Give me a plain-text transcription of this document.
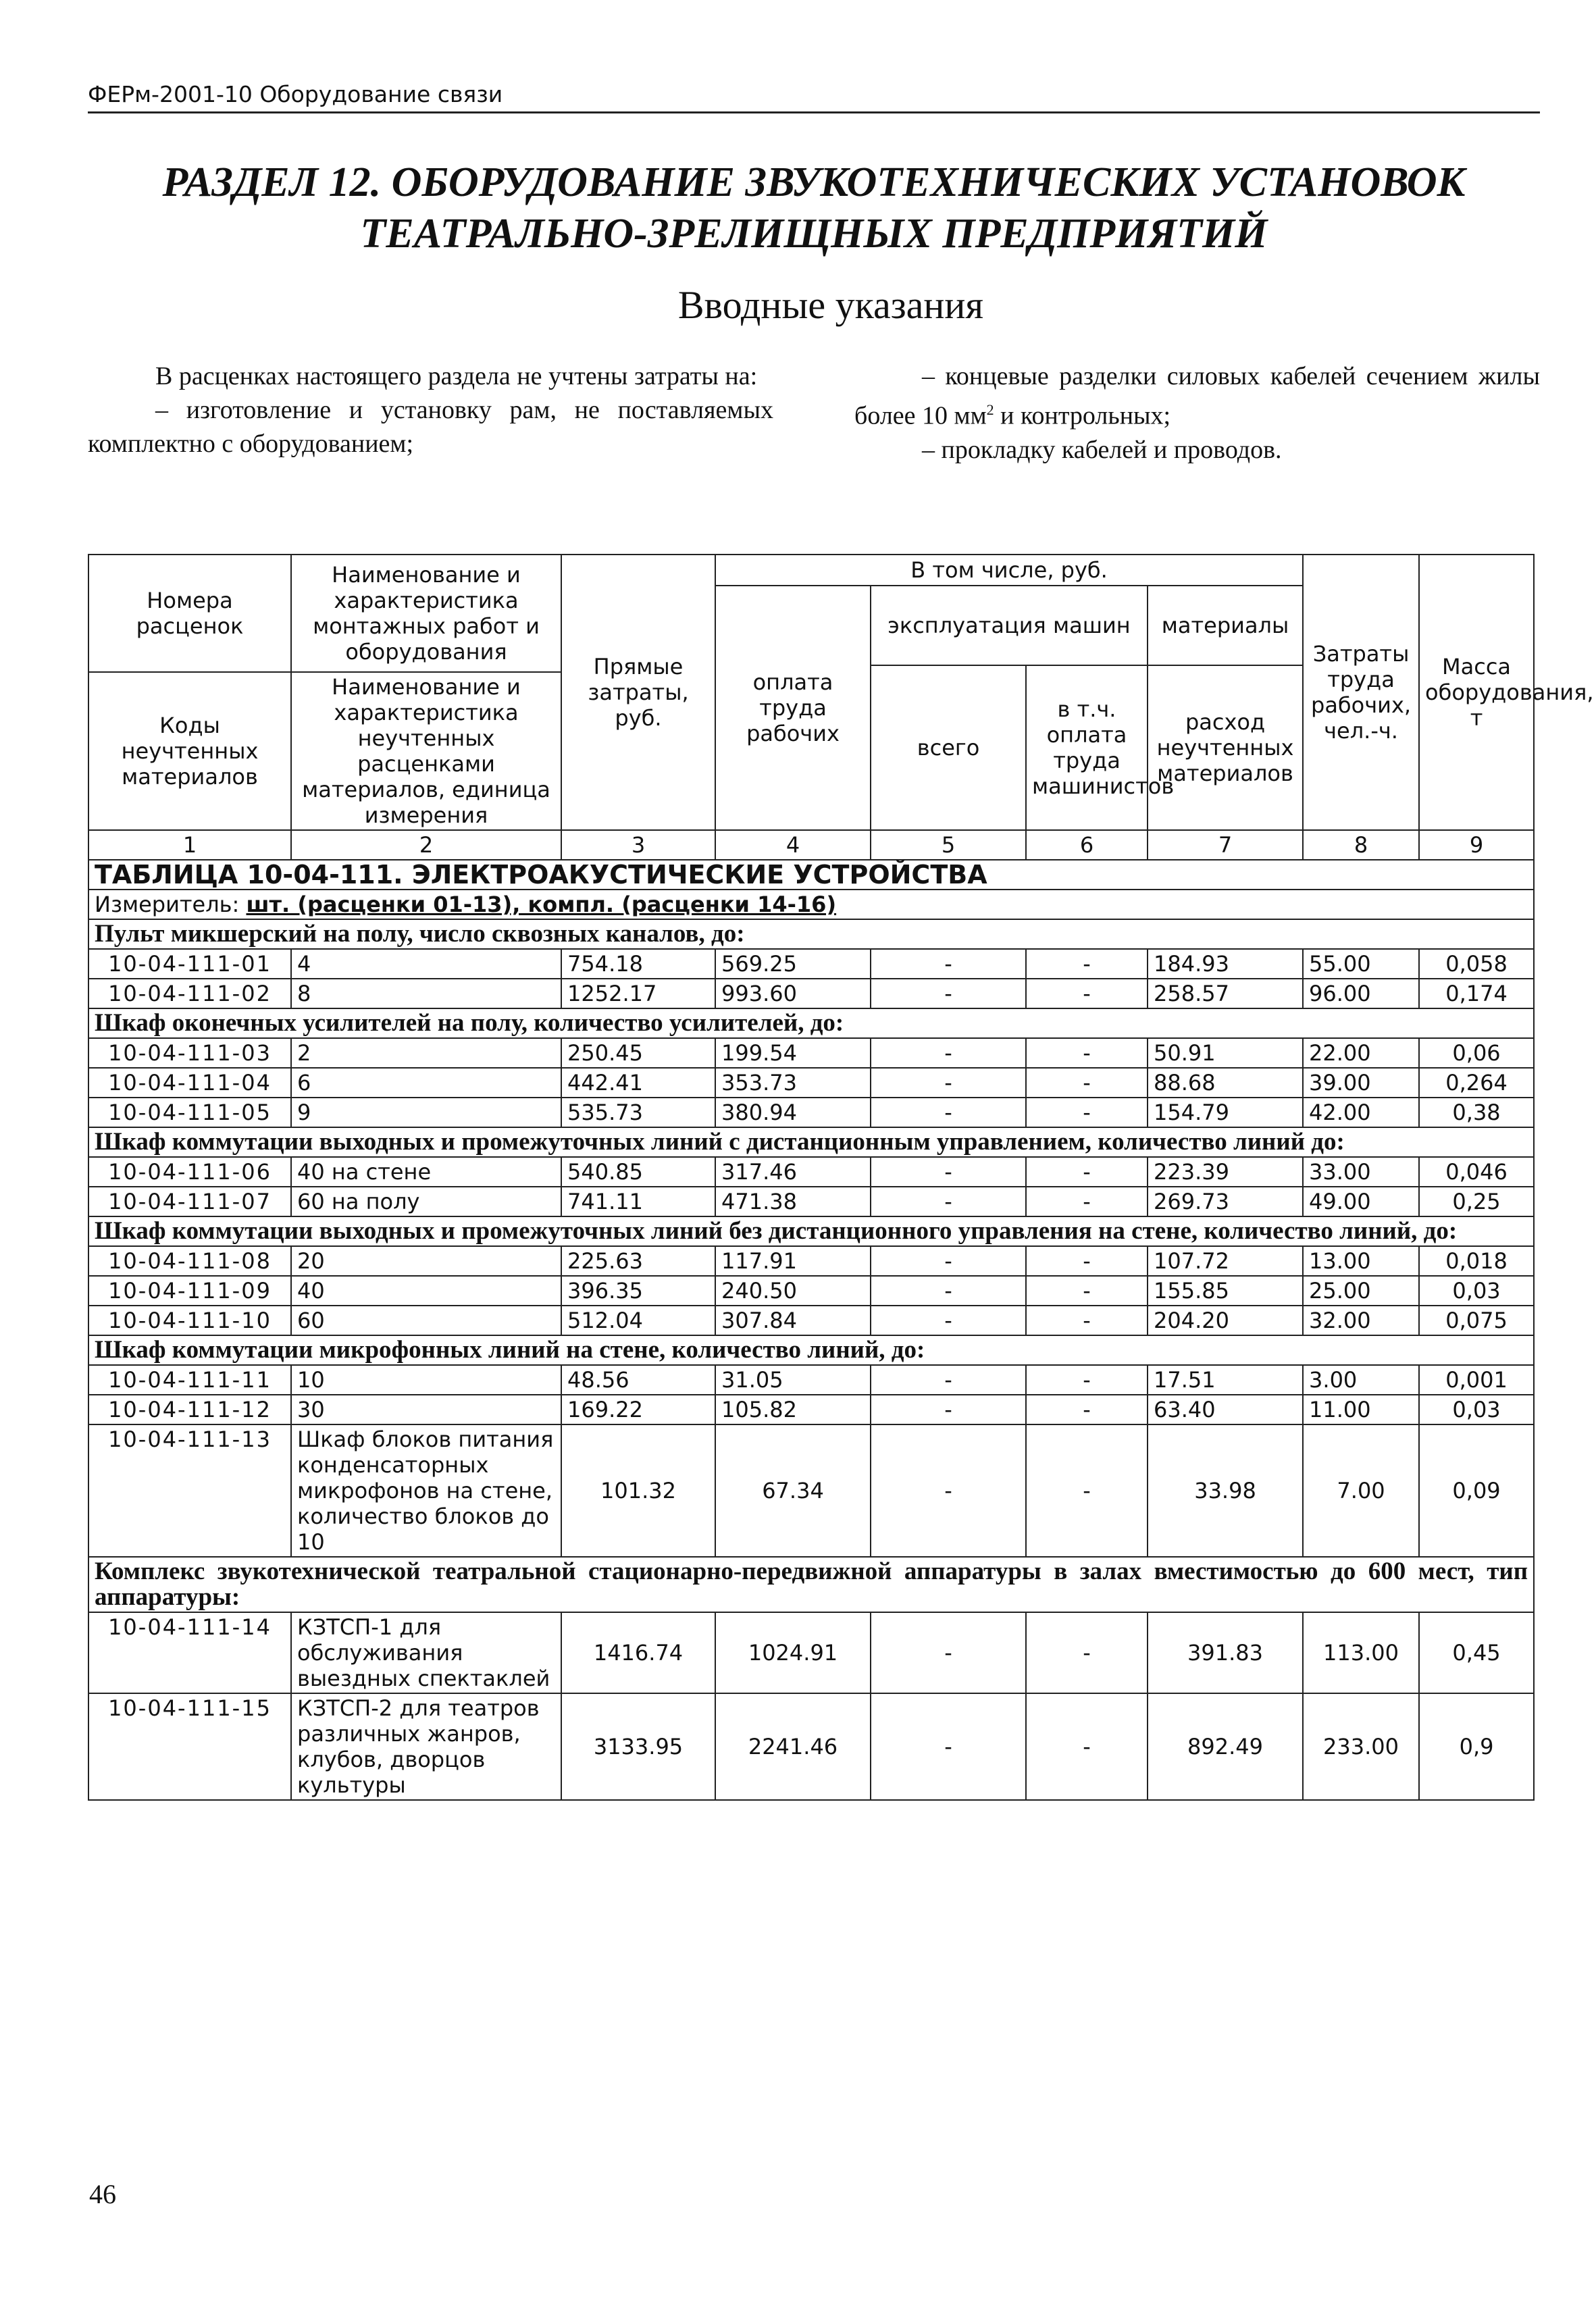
ФЕРм-2001-10 Оборудование связи
РАЗДЕЛ 12. ОБОРУДОВАНИЕ ЗВУКОТЕХНИЧЕСКИХ УСТАНОВОК
ТЕАТРАЛЬНО-ЗРЕЛИЩНЫХ ПРЕДПРИЯТИЙ
Вводные указания

В расценках настоящего раздела не учтены затраты на:

– изготовление и установку рам, не поставляемых комплектно с оборудованием;

– концевые разделки силовых кабелей сечением жилы более 10 $мм^2$ и контрольных;

– прокладку кабелей и проводов.

Номера расценок	Наименование и характеристика монтажных работ и оборудования	Прямые затраты, руб.	В том числе, руб.				Затраты труда рабочих, чел.-ч.	Масса оборудования, т
			оплата труда рабочих	эксплуатация машин		материалы		
				всего	в т.ч. оплата труда машинистов	расход неучтенных материалов		
Коды неучтенных материалов	Наименование и характеристика неучтенных расценками материалов, единица измерения							

1	2	3	4	5	6	7	8	9
ТАБЛИЦА 10-04-111. ЭЛЕКТРОАКУСТИЧЕСКИЕ УСТРОЙСТВА								
Измеритель: шт. (расценки 01-13), компл. (расценки 14-16)								
Пульт микшерский на полу, число сквозных каналов, до:								
10-04-111-01	4	754.18	569.25	-	-	184.93	55.00	0,058
10-04-111-02	8	1252.17	993.60	-	-	258.57	96.00	0,174
Шкаф оконечных усилителей на полу, количество усилителей, до:								
10-04-111-03	2	250.45	199.54	-	-	50.91	22.00	0,06
10-04-111-04	6	442.41	353.73	-	-	88.68	39.00	0,264
10-04-111-05	9	535.73	380.94	-	-	154.79	42.00	0,38
Шкаф коммутации выходных и промежуточных линий с дистанционным управлением, количество линий до:								
10-04-111-06	40 на стене	540.85	317.46	-	-	223.39	33.00	0,046
10-04-111-07	60 на полу	741.11	471.38	-	-	269.73	49.00	0,25
Шкаф коммутации выходных и промежуточных линий без дистанционного управления на стене, количество линий, до:								
10-04-111-08	20	225.63	117.91	-	-	107.72	13.00	0,018
10-04-111-09	40	396.35	240.50	-	-	155.85	25.00	0,03
10-04-111-10	60	512.04	307.84	-	-	204.20	32.00	0,075
Шкаф коммутации микрофонных линий на стене, количество линий, до:								
10-04-111-11	10	48.56	31.05	-	-	17.51	3.00	0,001
10-04-111-12	30	169.22	105.82	-	-	63.40	11.00	0,03
10-04-111-13	Шкаф блоков питания конденсаторных микрофонов на стене, количество блоков до 10	101.32	67.34	-	-	33.98	7.00	0,09
Комплекс звукотехнической театральной стационарно-передвижной аппаратуры в залах вместимостью до 600 мест, тип аппаратуры:								
10-04-111-14	КЗТСП-1 для обслуживания выездных спектаклей	1416.74	1024.91	-	-	391.83	113.00	0,45
10-04-111-15	КЗТСП-2 для театров различных жанров, клубов, дворцов культуры	3133.95	2241.46	-	-	892.49	233.00	0,9
46
